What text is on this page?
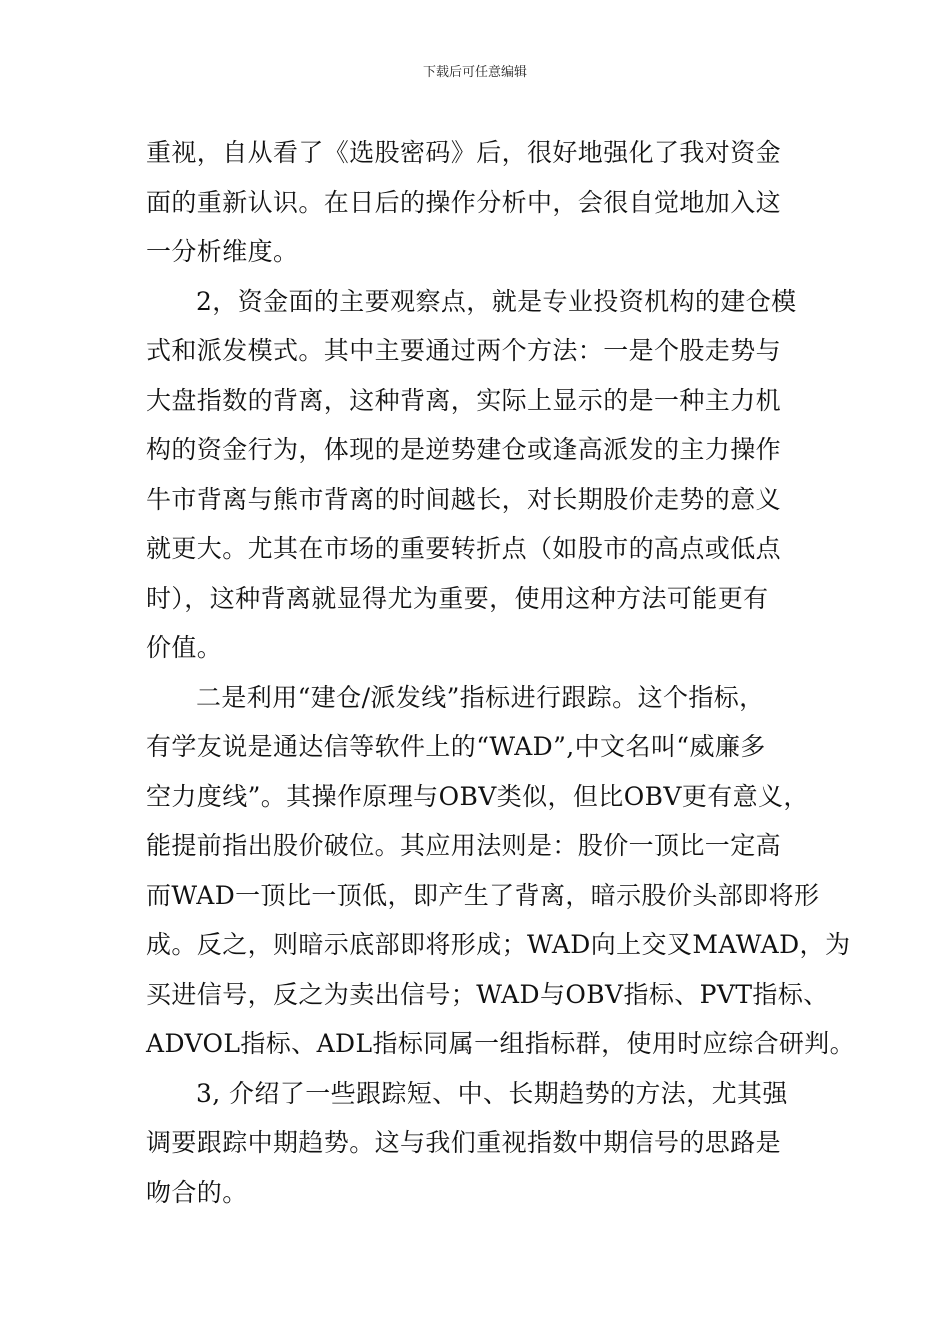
下载后可任意编辑
重视，自从看了《选股密码》后，很好地强化了我对资金
面的重新认识。在日后的操作分析中，会很自觉地加入这
一分析维度。
2，资金面的主要观察点，就是专业投资机构的建仓模
式和派发模式。其中主要通过两个方法：一是个股走势与
大盘指数的背离，这种背离，实际上显示的是一种主力机
构的资金行为，体现的是逆势建仓或逢高派发的主力操作
牛市背离与熊市背离的时间越长，对长期股价走势的意义
就更大。尤其在市场的重要转折点（如股市的高点或低点
时），这种背离就显得尤为重要，使用这种方法可能更有
价值。
二是利用“建仓/派发线”指标进行跟踪。这个指标，
有学友说是通达信等软件上的“WAD”,中文名叫“威廉多
空力度线”。其操作原理与OBV类似，但比OBV更有意义，
能提前指出股价破位。其应用法则是：股价一顶比一定高
而WAD一顶比一顶低，即产生了背离，暗示股价头部即将形
成。反之，则暗示底部即将形成；WAD向上交叉MAWAD，为
买进信号，反之为卖出信号；WAD与OBV指标、PVT指标、
ADVOL指标、ADL指标同属一组指标群，使用时应综合研判。
3, 介绍了一些跟踪短、中、长期趋势的方法，尤其强
调要跟踪中期趋势。这与我们重视指数中期信号的思路是
吻合的。
